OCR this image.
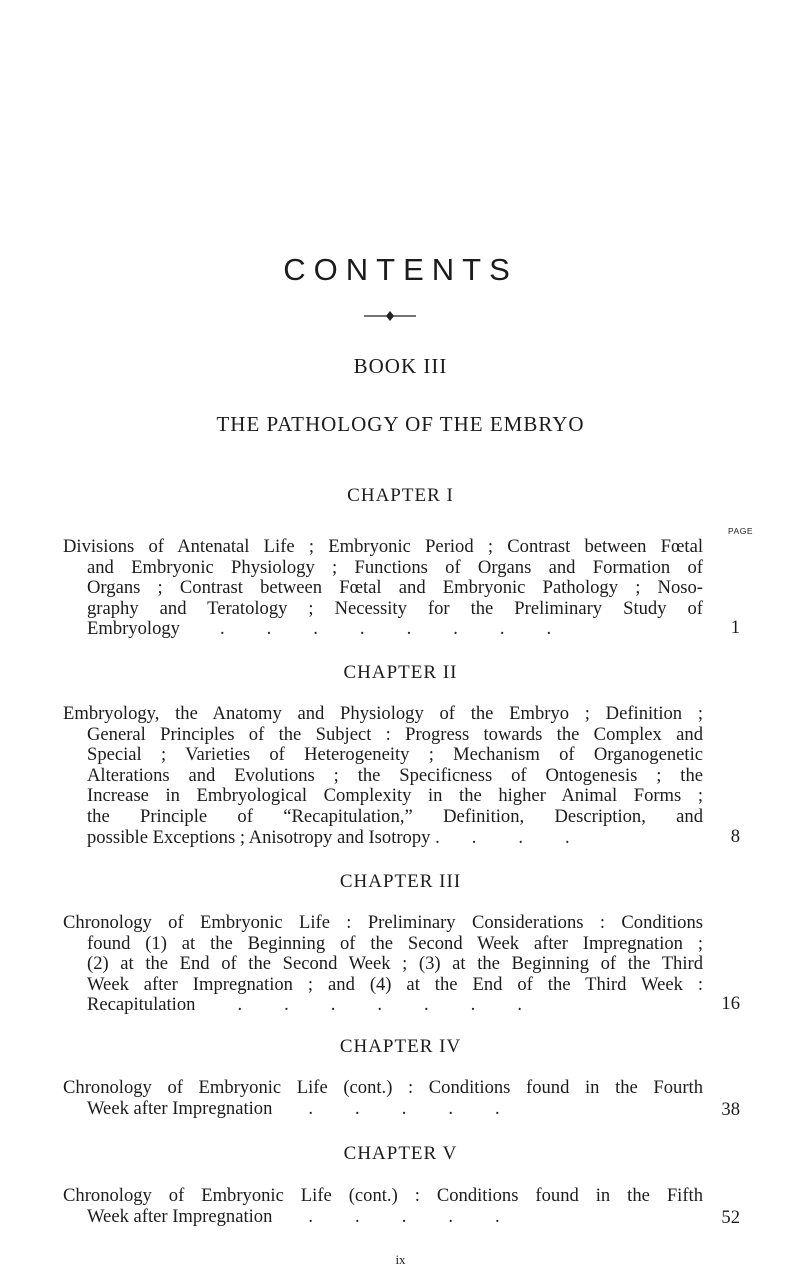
CONTENTS
BOOK III
THE PATHOLOGY OF THE EMBRYO
CHAPTER I
PAGE
Divisions of Antenatal Life ; Embryonic Period ; Contrast between Fœtal
and Embryonic Physiology ; Functions of Organs and Formation of
Organs ; Contrast between Fœtal and Embryonic Pathology ; Noso-
graphy and Teratology ; Necessity for the Preliminary Study of
Embryology ........	1
CHAPTER II
Embryology, the Anatomy and Physiology of the Embryo ; Definition ;
General Principles of the Subject : Progress towards the Complex and
Special ; Varieties of Heterogeneity ; Mechanism of Organogenetic
Alterations and Evolutions ; the Specificness of Ontogenesis ; the
Increase in Embryological Complexity in the higher Animal Forms ;
the Principle of “Recapitulation,” Definition, Description, and
possible Exceptions ; Anisotropy and Isotropy . ...	8
CHAPTER III
Chronology of Embryonic Life : Preliminary Considerations : Conditions
found (1) at the Beginning of the Second Week after Impregnation ;
(2) at the End of the Second Week ; (3) at the Beginning of the Third
Week after Impregnation ; and (4) at the End of the Third Week :
Recapitulation .......	16
CHAPTER IV
Chronology of Embryonic Life (cont.) : Conditions found in the Fourth
Week after Impregnation .....	38
CHAPTER V
Chronology of Embryonic Life (cont.) : Conditions found in the Fifth
Week after Impregnation .....	52
ix
